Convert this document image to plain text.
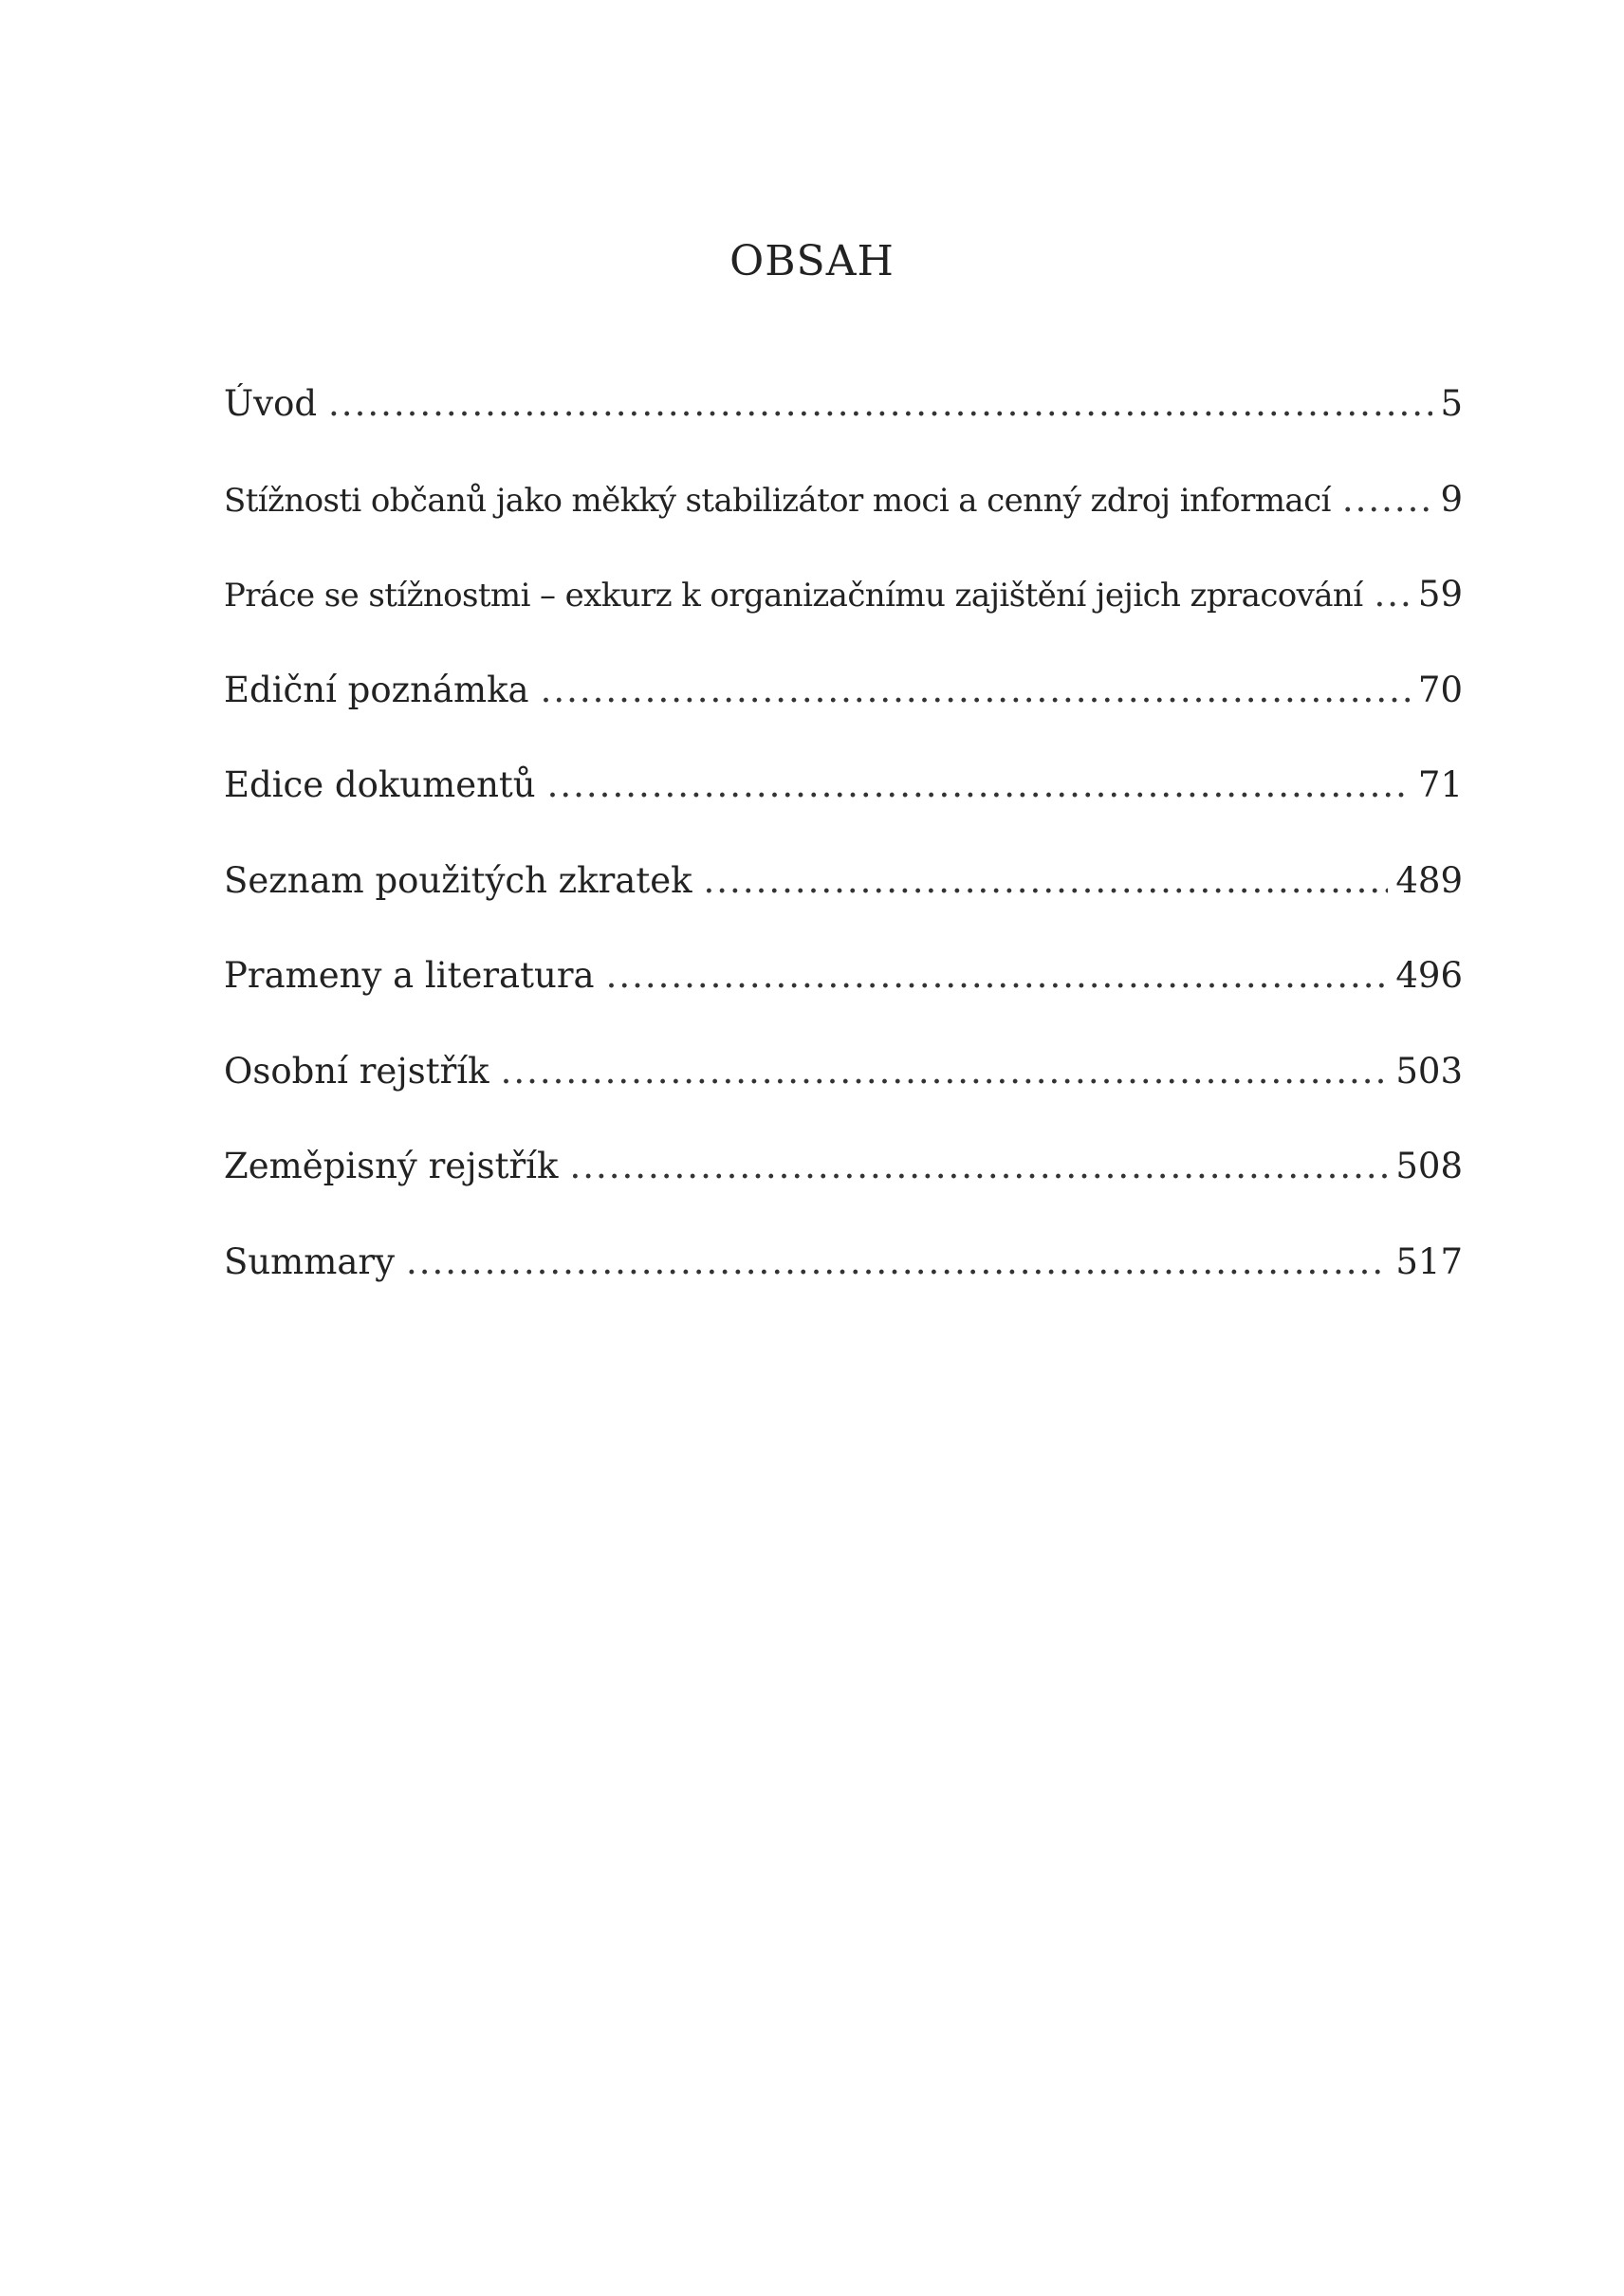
OBSAH
Úvod .....	5
Stížnosti občanů jako měkký stabilizátor moci a cenný zdroj informací .....	9
Práce se stížnostmi – exkurz k organizačnímu zajištění jejich zpracování ..... 59
Ediční poznámka .....	70
Edice dokumentů .....	71
Seznam použitých zkratek .....	489
Prameny a literatura .....	496
Osobní rejstřík .....	503
Zeměpisný rejstřík .....	508
Summary .....	517
